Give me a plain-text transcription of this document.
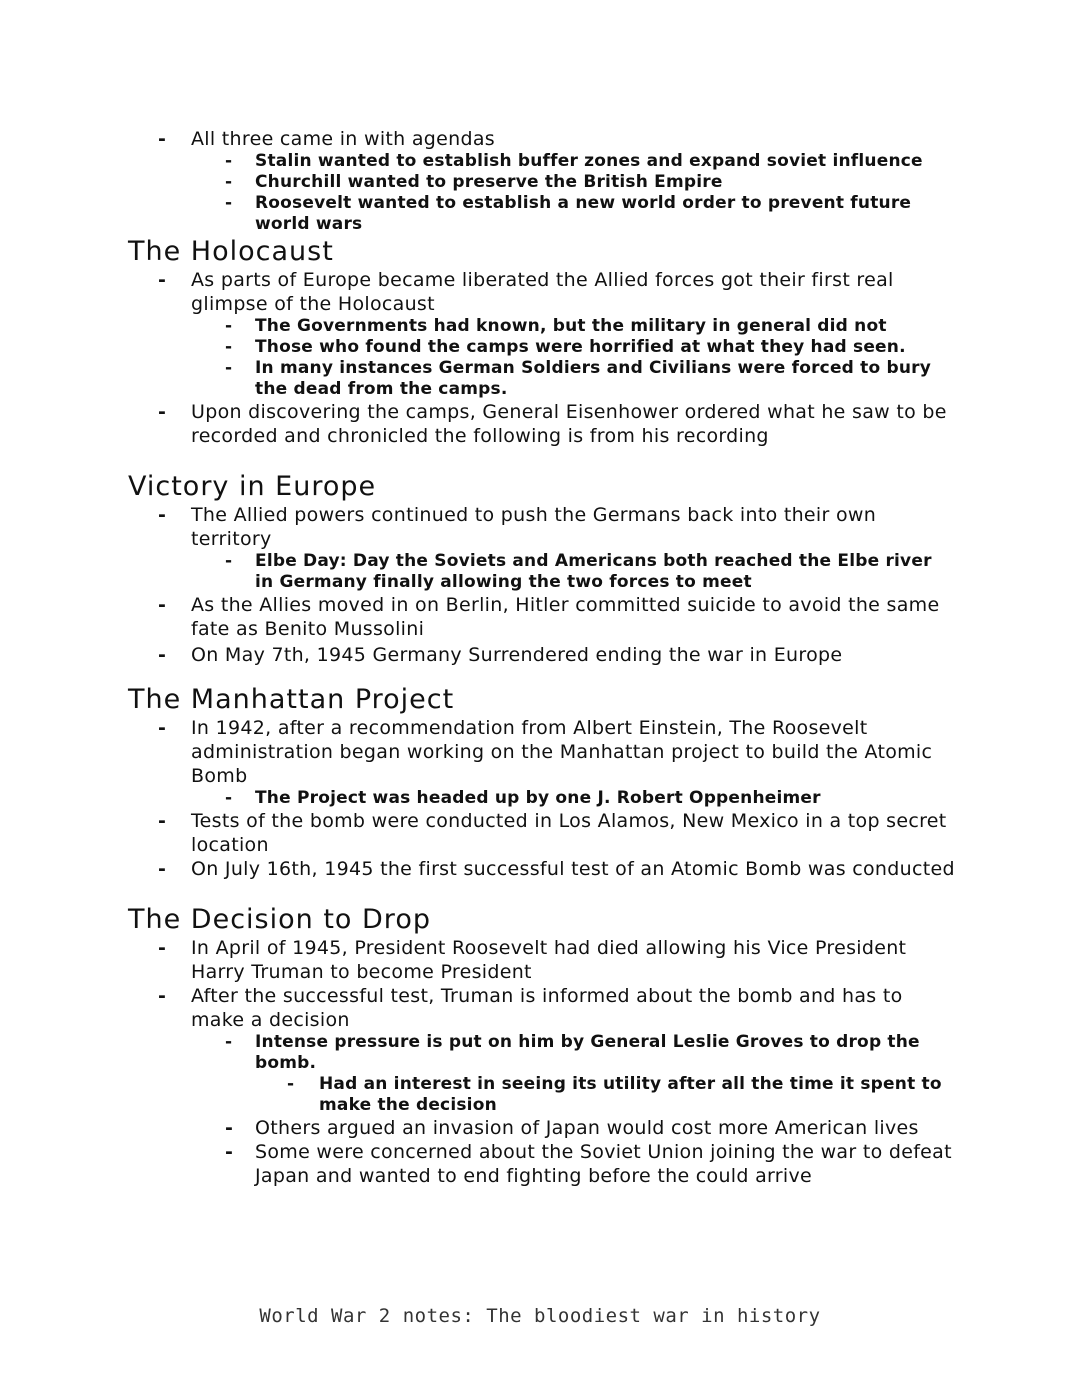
- All three came in with agendas
- Stalin wanted to establish buffer zones and expand soviet influence
- Churchill wanted to preserve the British Empire
- Roosevelt wanted to establish a new world order to prevent future world wars
The Holocaust
- As parts of Europe became liberated the Allied forces got their first real glimpse of the Holocaust
- The Governments had known, but the military in general did not
- Those who found the camps were horrified at what they had seen.
- In many instances German Soldiers and Civilians were forced to bury the dead from the camps.
- Upon discovering the camps, General Eisenhower ordered what he saw to be recorded and chronicled the following is from his recording
Victory in Europe
- The Allied powers continued to push the Germans back into their own territory
- Elbe Day: Day the Soviets and Americans both reached the Elbe river in Germany finally allowing the two forces to meet
- As the Allies moved in on Berlin, Hitler committed suicide to avoid the same fate as Benito Mussolini
- On May 7th, 1945 Germany Surrendered ending the war in Europe
The Manhattan Project
- In 1942, after a recommendation from Albert Einstein, The Roosevelt administration began working on the Manhattan project to build the Atomic Bomb
- The Project was headed up by one J. Robert Oppenheimer
- Tests of the bomb were conducted in Los Alamos, New Mexico in a top secret location
- On July 16th, 1945 the first successful test of an Atomic Bomb was conducted
The Decision to Drop
- In April of 1945, President Roosevelt had died allowing his Vice President Harry Truman to become President
- After the successful test, Truman is informed about the bomb and has to make a decision
- Intense pressure is put on him by General Leslie Groves to drop the bomb.
- Had an interest in seeing its utility after all the time it spent to make the decision
- Others argued an invasion of Japan would cost more American lives
- Some were concerned about the Soviet Union joining the war to defeat Japan and wanted to end fighting before the could arrive
World War 2 notes: The bloodiest war in history
